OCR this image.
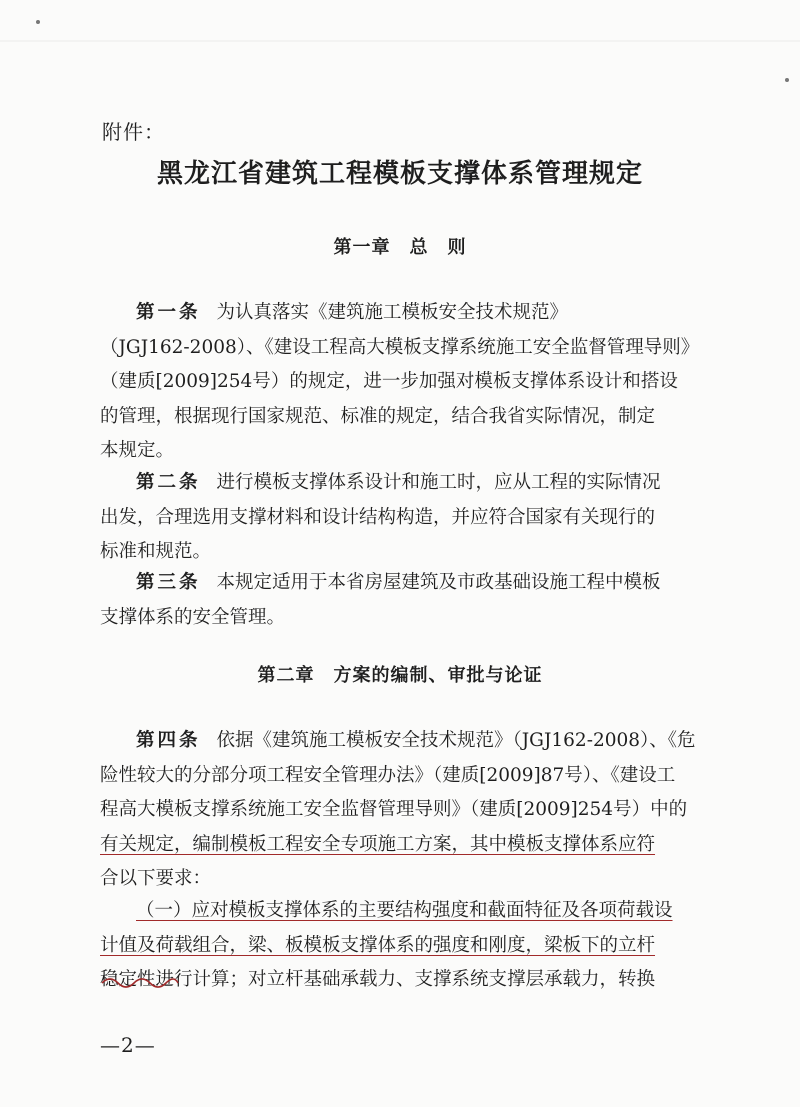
附件：
黑龙江省建筑工程模板支撑体系管理规定
第一章　总　则
第一条 为认真落实《建筑施工模板安全技术规范》
（JGJ162-2008）、《建设工程高大模板支撑系统施工安全监督管理导则》
（建质[2009]254号）的规定，进一步加强对模板支撑体系设计和搭设
的管理，根据现行国家规范、标准的规定，结合我省实际情况，制定
本规定。
第二条 进行模板支撑体系设计和施工时，应从工程的实际情况
出发，合理选用支撑材料和设计结构构造，并应符合国家有关现行的
标准和规范。
第三条 本规定适用于本省房屋建筑及市政基础设施工程中模板
支撑体系的安全管理。
第二章　方案的编制、审批与论证
第四条 依据《建筑施工模板安全技术规范》（JGJ162-2008）、《危
险性较大的分部分项工程安全管理办法》（建质[2009]87号）、《建设工
程高大模板支撑系统施工安全监督管理导则》（建质[2009]254号）中的
有关规定，编制模板工程安全专项施工方案，其中模板支撑体系应符
合以下要求：
（一）应对模板支撑体系的主要结构强度和截面特征及各项荷载设
计值及荷载组合，梁、板模板支撑体系的强度和刚度，梁板下的立杆
稳定性进行计算；对立杆基础承载力、支撑系统支撑层承载力，转换
—2—
